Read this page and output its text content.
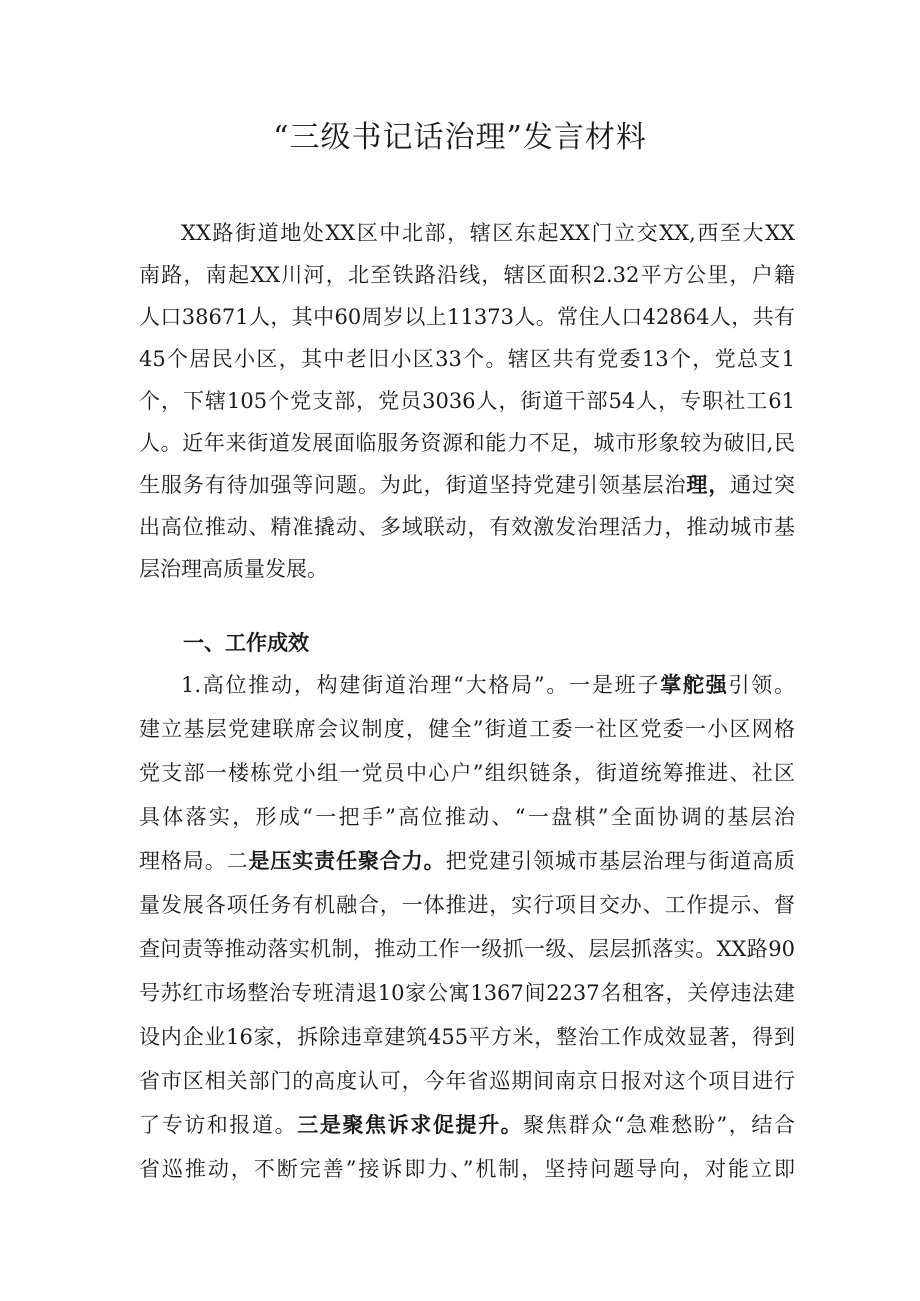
“三级书记话治理”发言材料
XX路街道地处XX区中北部，辖区东起XX门立交XX,西至大XX
南路，南起XX川河，北至铁路沿线，辖区面积2.32平方公里，户籍
人口38671人，其中60周岁以上11373人。常住人口42864人，共有
45个居民小区，其中老旧小区33个。辖区共有党委13个，党总支1
个，下辖105个党支部，党员3036人，街道干部54人，专职社工61
人。近年来街道发展面临服务资源和能力不足，城市形象较为破旧,民
生服务有待加强等问题。为此，街道坚持党建引领基层治理，通过突
出高位推动、精准撬动、多域联动，有效激发治理活力，推动城市基
层治理高质量发展。
一、工作成效
1.高位推动，构建街道治理“大格局”。一是班子掌舵强引领。
建立基层党建联席会议制度，健全”街道工委一社区党委一小区网格
党支部一楼栋党小组一党员中心户”组织链条，街道统筹推进、社区
具体落实，形成“一把手”高位推动、“一盘棋”全面协调的基层治
理格局。二是压实责任聚合力。把党建引领城市基层治理与街道高质
量发展各项任务有机融合，一体推进，实行项目交办、工作提示、督
查问责等推动落实机制，推动工作一级抓一级、层层抓落实。XX路90
号苏红市场整治专班清退10家公寓1367间2237名租客，关停违法建
设内企业16家，拆除违章建筑455平方米，整治工作成效显著，得到
省市区相关部门的高度认可，今年省巡期间南京日报对这个项目进行
了专访和报道。三是聚焦诉求促提升。聚焦群众“急难愁盼”，结合
省巡推动，不断完善”接诉即力、”机制，坚持问题导向，对能立即
